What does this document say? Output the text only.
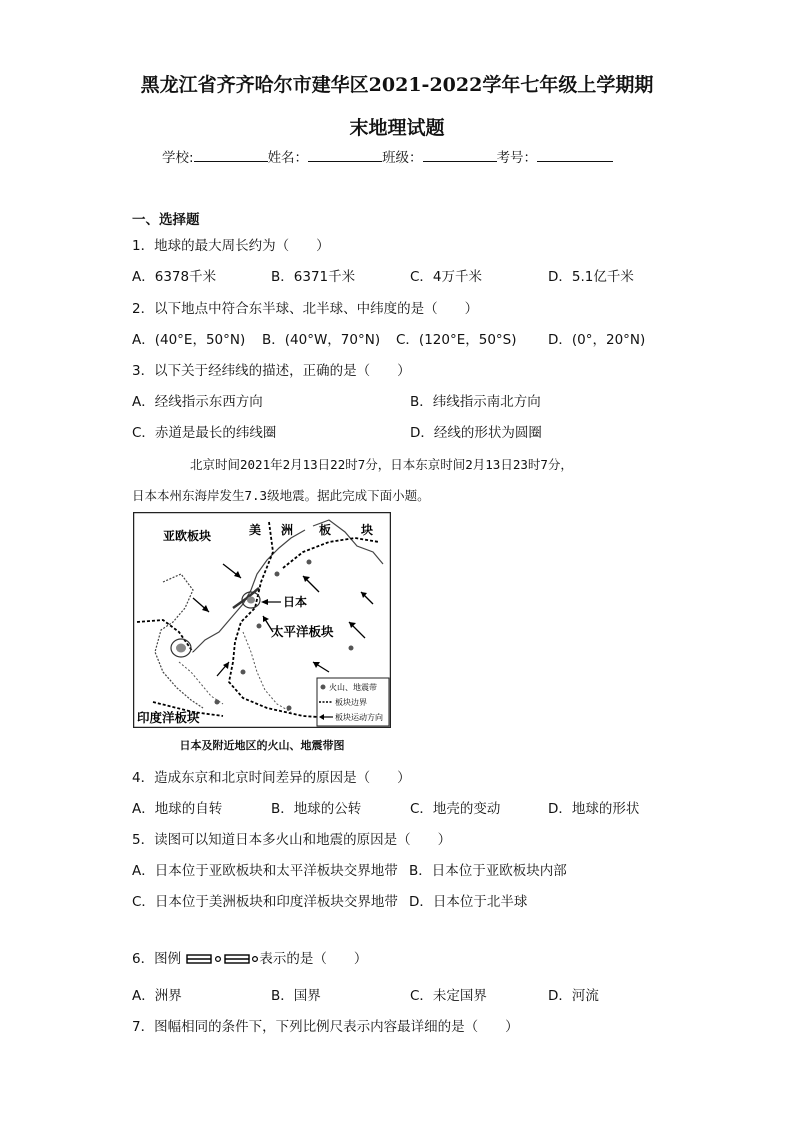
黑龙江省齐齐哈尔市建华区2021-2022学年七年级上学期期
末地理试题
学校:	姓名：	班级：	考号：
一、选择题
1．地球的最大周长约为（　　）
A．6378千米	B．6371千米	C．4万千米	D．5.1亿千米
2．以下地点中符合东半球、北半球、中纬度的是（　　）
A．(40°E，50°N) B．(40°W，70°N) C．(120°E，50°S) D．(0°，20°N)
3．以下关于经纬线的描述，正确的是（　　）
A．经线指示东西方向	B．纬线指示南北方向
C．赤道是最长的纬线圈	D．经线的形状为圆圈
北京时间2021年2月13日22时7分，日本东京时间2月13日23时7分，
日本本州东海岸发生7.3级地震。据此完成下面小题。
亚欧板块	美 洲 板 块
日本
太平洋板块
印度洋板块
火山、地震带
板块边界
板块运动方向
日本及附近地区的火山、地震带图
4．造成东京和北京时间差异的原因是（　　）
A．地球的自转	B．地球的公转	C．地壳的变动	D．地球的形状
5．读图可以知道日本多火山和地震的原因是（　　）
A．日本位于亚欧板块和太平洋板块交界地带 B．日本位于亚欧板块内部
C．日本位于美洲板块和印度洋板块交界地带 D．日本位于北半球
6．图例	表示的是（　　）
A．洲界	B．国界	C．未定国界	D．河流
7．图幅相同的条件下，下列比例尺表示内容最详细的是（　　）
